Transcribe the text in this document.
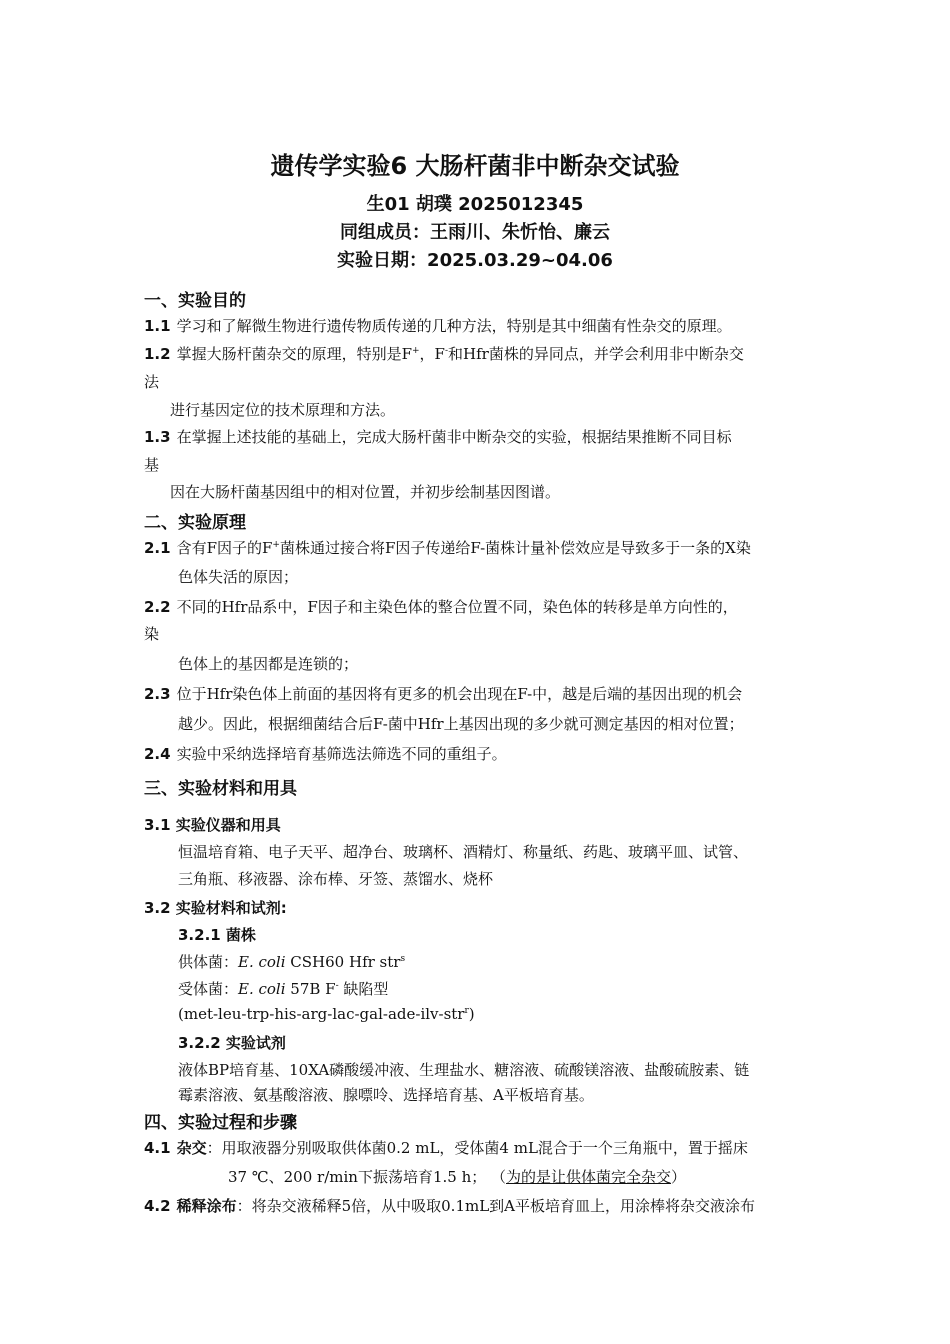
遗传学实验6 大肠杆菌非中断杂交试验
生01 胡璞 2025012345
同组成员：王雨川、朱忻怡、廉云
实验日期：2025.03.29~04.06
一、实验目的
1.1 学习和了解微生物进行遗传物质传递的几种方法，特别是其中细菌有性杂交的原理。
1.2 掌握大肠杆菌杂交的原理，特别是F+，F-和Hfr菌株的异同点，并学会利用非中断杂交
法
进行基因定位的技术原理和方法。
1.3 在掌握上述技能的基础上，完成大肠杆菌非中断杂交的实验，根据结果推断不同目标
基
因在大肠杆菌基因组中的相对位置，并初步绘制基因图谱。
二、实验原理
2.1 含有F因子的F+菌株通过接合将F因子传递给F-菌株计量补偿效应是导致多于一条的X染
色体失活的原因；
2.2 不同的Hfr品系中，F因子和主染色体的整合位置不同，染色体的转移是单方向性的，
染
色体上的基因都是连锁的；
2.3 位于Hfr染色体上前面的基因将有更多的机会出现在F-中，越是后端的基因出现的机会
越少。因此，根据细菌结合后F-菌中Hfr上基因出现的多少就可测定基因的相对位置；
2.4 实验中采纳选择培育基筛选法筛选不同的重组子。
三、实验材料和用具
3.1 实验仪器和用具
恒温培育箱、电子天平、超净台、玻璃杯、酒精灯、称量纸、药匙、玻璃平皿、试管、
三角瓶、移液器、涂布棒、牙签、蒸馏水、烧杯
3.2 实验材料和试剂:
3.2.1 菌株
供体菌：E. coli CSH60 Hfr str$^s$
受体菌：E. coli 57B F- 缺陷型
(met-leu-trp-his-arg-lac-gal-ade-ilv-str$^r$)
3.2.2 实验试剂
液体BP培育基、10XA磷酸缓冲液、生理盐水、糖溶液、硫酸镁溶液、盐酸硫胺素、链
霉素溶液、氨基酸溶液、腺嘌呤、选择培育基、A平板培育基。
四、实验过程和步骤
4.1 杂交：用取液器分别吸取供体菌0.2 mL，受体菌4 mL混合于一个三角瓶中，置于摇床
37 ℃、200 r/min下振荡培育1.5 h； （为的是让供体菌完全杂交）
4.2 稀释涂布：将杂交液稀释5倍，从中吸取0.1mL到A平板培育皿上，用涂棒将杂交液涂布
